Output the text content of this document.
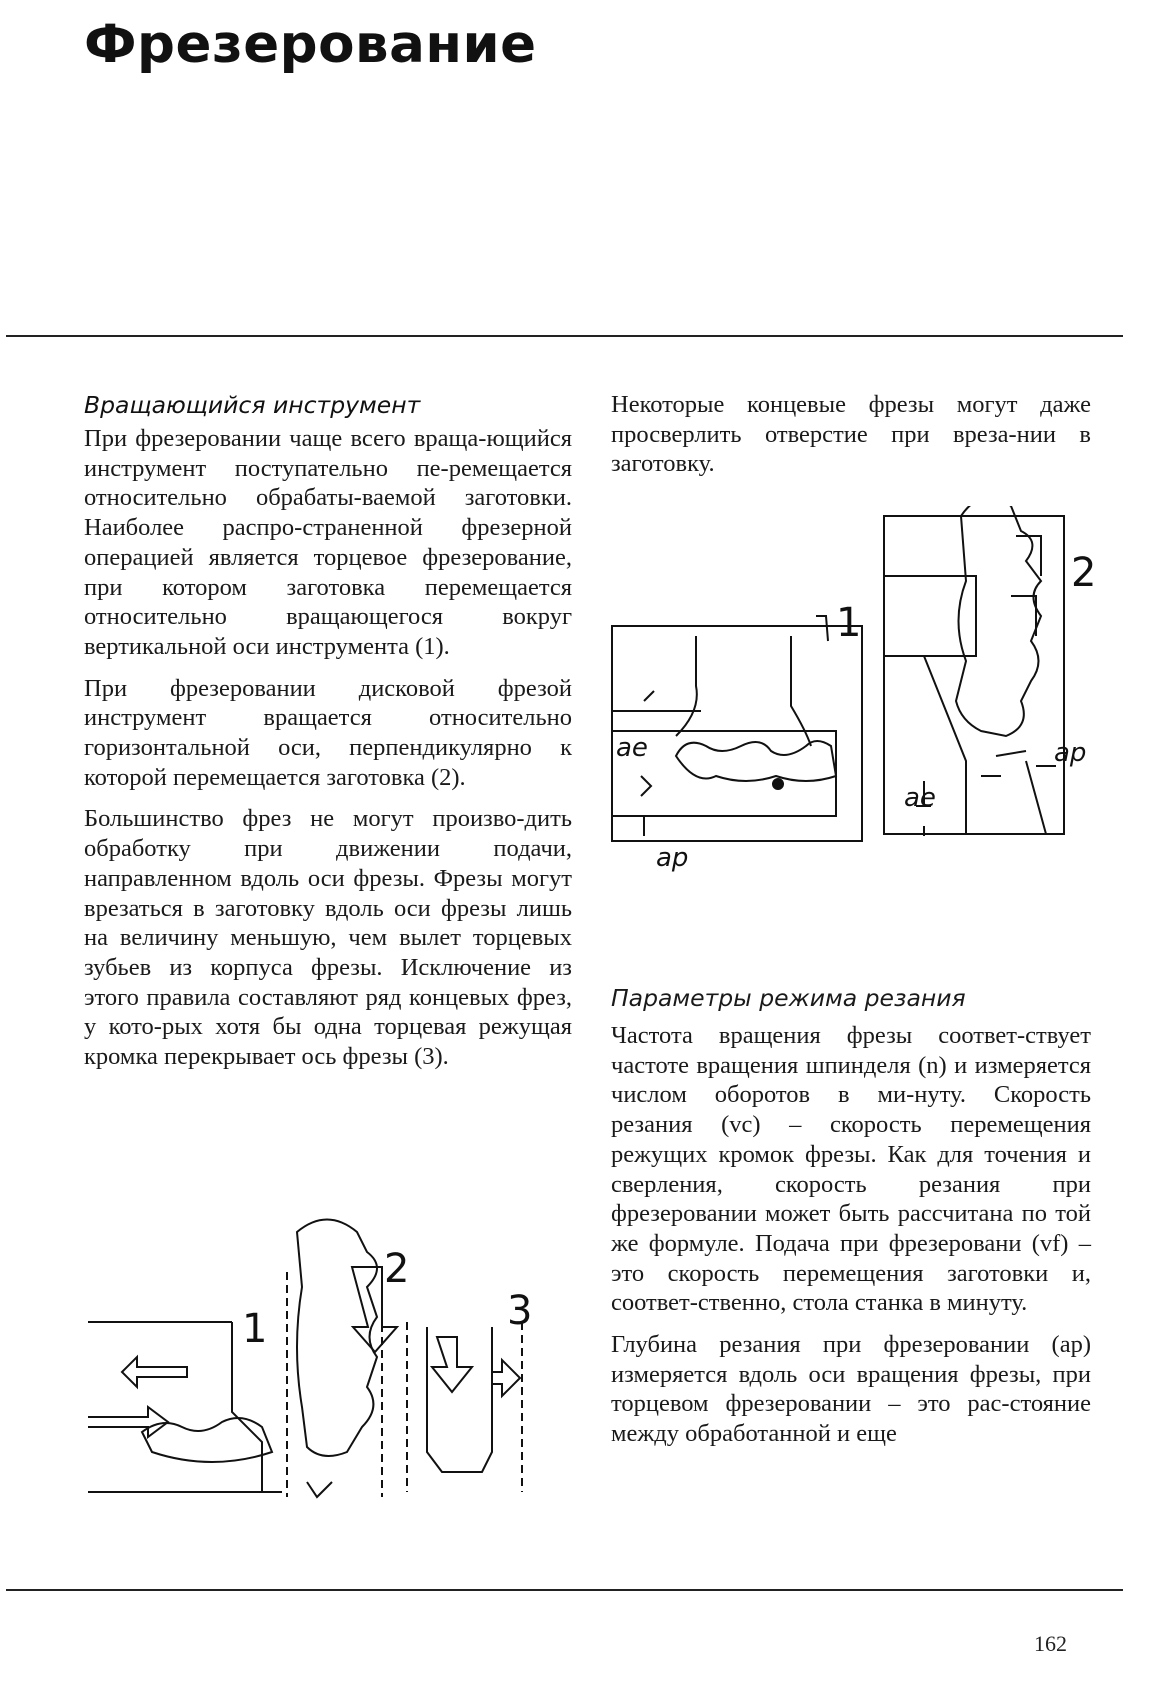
Фрезерование
Вращающийся инструмент

При фрезеровании чаще всего враща-ющийся инструмент поступательно пе-ремещается относительно обрабаты-ваемой заготовки. Наиболее распро-страненной фрезерной операцией является торцевое фрезерование, при котором заготовка перемещается относительно вращающегося вокруг вертикальной оси инструмента (1).

При фрезеровании дисковой фрезой инструмент вращается относительно горизонтальной оси, перпендикулярно к которой перемещается заготовка (2).

Большинство фрез не могут произво-дить обработку при движении подачи, направленном вдоль оси фрезы. Фрезы могут врезаться в заготовку вдоль оси фрезы лишь на величину меньшую, чем вылет торцевых зубьев из корпуса фрезы. Исключение из этого правила составляют ряд концевых фрез, у кото-рых хотя бы одна торцевая режущая кромка перекрывает ось фрезы (3).

Некоторые концевые фрезы могут даже просверлить отверстие при вреза-нии в заготовку.

1
2
ae
ap
ap
ae
Параметры режима резания

Частота вращения фрезы соответ-ствует частоте вращения шпинделя (n) и измеряется числом оборотов в ми-нуту. Скорость резания (vc) – скорость перемещения режущих кромок фрезы. Как для точения и сверления, скорость резания при фрезеровании может быть рассчитана по той же формуле. Подача при фрезеровани (vf) – это скорость перемещения заготовки и, соответ-ственно, стола станка в минуту.

Глубина резания при фрезеровании (ap) измеряется вдоль оси вращения фрезы, при торцевом фрезеровании – это рас-стояние между обработанной и еще

1
2
3
162
